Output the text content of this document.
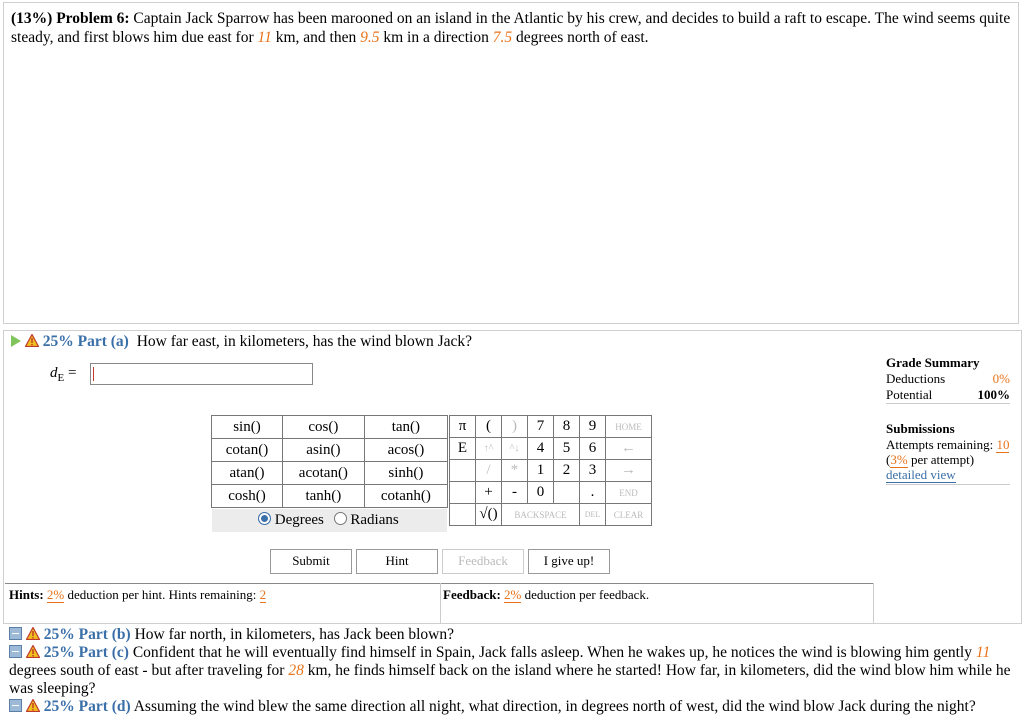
(13%) Problem 6: Captain Jack Sparrow has been marooned on an island in the Atlantic by his crew, and decides to build a raft to escape. The wind seems quite steady, and first blows him due east for 11 km, and then 9.5 km in a direction 7.5 degrees north of east.
25% Part (a) How far east, in kilometers, has the wind blown Jack?
$d_E$ =
sin()	cos()	tan()
cotan()	asin()	acos()
atan()	acotan()	sinh()
cosh()	tanh()	cotanh()
Degrees Radians
π	(	)	7	8	9	HOME
E	↑^	^↓	4	5	6	←
	/	*	1	2	3	→
	+	-	0		.	END
	√()	BACKSPACE			DEL	CLEAR
Submit	Hint	Feedback	I give up!
Hints: 2% deduction per hint. Hints remaining: 2	Feedback: 2% deduction per feedback.
Grade Summary
Deductions	0%
Potential	100%
Submissions
Attempts remaining: 10
(3% per attempt)
detailed view
25% Part (b) How far north, in kilometers, has Jack been blown?
25% Part (c) Confident that he will eventually find himself in Spain, Jack falls asleep. When he wakes up, he notices the wind is blowing him gently 11 degrees south of east - but after traveling for 28 km, he finds himself back on the island where he started! How far, in kilometers, did the wind blow him while he was sleeping?
25% Part (d) Assuming the wind blew the same direction all night, what direction, in degrees north of west, did the wind blow Jack during the night?
